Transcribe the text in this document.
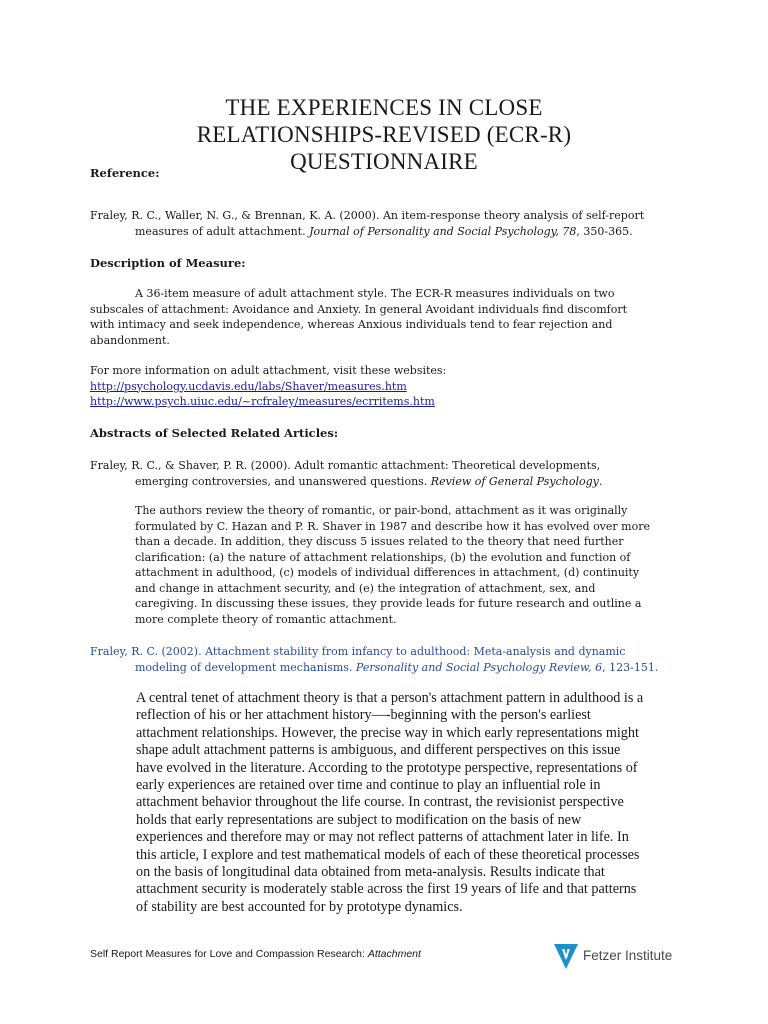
THE EXPERIENCES IN CLOSE
RELATIONSHIPS-REVISED (ECR-R)
QUESTIONNAIRE
Reference:
Fraley, R. C., Waller, N. G., & Brennan, K. A. (2000). An item-response theory analysis of self-report
measures of adult attachment. Journal of Personality and Social Psychology, 78, 350-365.
Description of Measure:
A 36-item measure of adult attachment style. The ECR-R measures individuals on two
subscales of attachment: Avoidance and Anxiety. In general Avoidant individuals find discomfort
with intimacy and seek independence, whereas Anxious individuals tend to fear rejection and
abandonment.
For more information on adult attachment, visit these websites:
http://psychology.ucdavis.edu/labs/Shaver/measures.htm
http://www.psych.uiuc.edu/~rcfraley/measures/ecrritems.htm
Abstracts of Selected Related Articles:
Fraley, R. C., & Shaver, P. R. (2000). Adult romantic attachment: Theoretical developments,
emerging controversies, and unanswered questions. Review of General Psychology.
The authors review the theory of romantic, or pair-bond, attachment as it was originally
formulated by C. Hazan and P. R. Shaver in 1987 and describe how it has evolved over more
than a decade. In addition, they discuss 5 issues related to the theory that need further
clarification: (a) the nature of attachment relationships, (b) the evolution and function of
attachment in adulthood, (c) models of individual differences in attachment, (d) continuity
and change in attachment security, and (e) the integration of attachment, sex, and
caregiving. In discussing these issues, they provide leads for future research and outline a
more complete theory of romantic attachment.
Fraley, R. C. (2002). Attachment stability from infancy to adulthood: Meta-analysis and dynamic
modeling of development mechanisms. Personality and Social Psychology Review, 6, 123-151.
A central tenet of attachment theory is that a person's attachment pattern in adulthood is a
reflection of his or her attachment history—-beginning with the person's earliest
attachment relationships. However, the precise way in which early representations might
shape adult attachment patterns is ambiguous, and different perspectives on this issue
have evolved in the literature. According to the prototype perspective, representations of
early experiences are retained over time and continue to play an influential role in
attachment behavior throughout the life course. In contrast, the revisionist perspective
holds that early representations are subject to modification on the basis of new
experiences and therefore may or may not reflect patterns of attachment later in life. In
this article, I explore and test mathematical models of each of these theoretical processes
on the basis of longitudinal data obtained from meta-analysis. Results indicate that
attachment security is moderately stable across the first 19 years of life and that patterns
of stability are best accounted for by prototype dynamics.
Self Report Measures for Love and Compassion Research: Attachment	Fetzer Institute
